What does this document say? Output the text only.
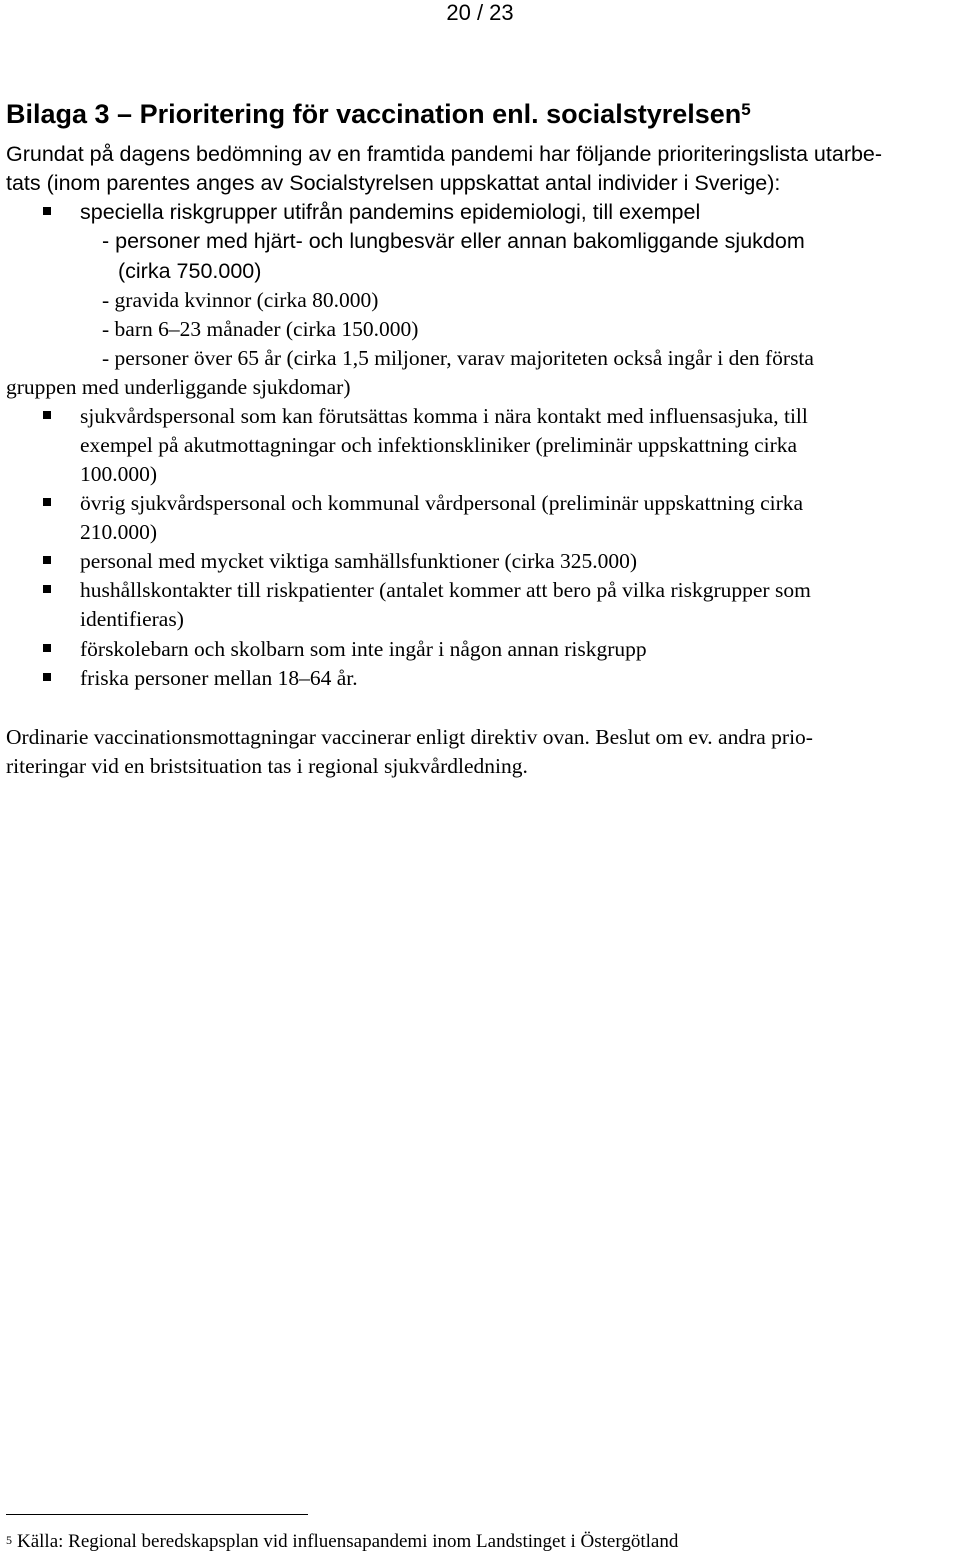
20 / 23
Bilaga 3 – Prioritering för vaccination enl. socialstyrelsen$^5$
Grundat på dagens bedömning av en framtida pandemi har följande prioriteringslista utarbe-
tats (inom parentes anges av Socialstyrelsen uppskattat antal individer i Sverige):
speciella riskgrupper utifrån pandemins epidemiologi, till exempel
- personer med hjärt- och lungbesvär eller annan bakomliggande sjukdom
(cirka 750.000)
- gravida kvinnor (cirka 80.000)
- barn 6–23 månader (cirka 150.000)
- personer över 65 år (cirka 1,5 miljoner, varav majoriteten också ingår i den första
gruppen med underliggande sjukdomar)
sjukvårdspersonal som kan förutsättas komma i nära kontakt med influensasjuka, till
exempel på akutmottagningar och infektionskliniker (preliminär uppskattning cirka
100.000)
övrig sjukvårdspersonal och kommunal vårdpersonal (preliminär uppskattning cirka
210.000)
personal med mycket viktiga samhällsfunktioner (cirka 325.000)
hushållskontakter till riskpatienter (antalet kommer att bero på vilka riskgrupper som
identifieras)
förskolebarn och skolbarn som inte ingår i någon annan riskgrupp
friska personer mellan 18–64 år.
Ordinarie vaccinationsmottagningar vaccinerar enligt direktiv ovan. Beslut om ev. andra prio-
riteringar vid en bristsituation tas i regional sjukvårdledning.
$^5$ Källa: Regional beredskapsplan vid influensapandemi inom Landstinget i Östergötland
